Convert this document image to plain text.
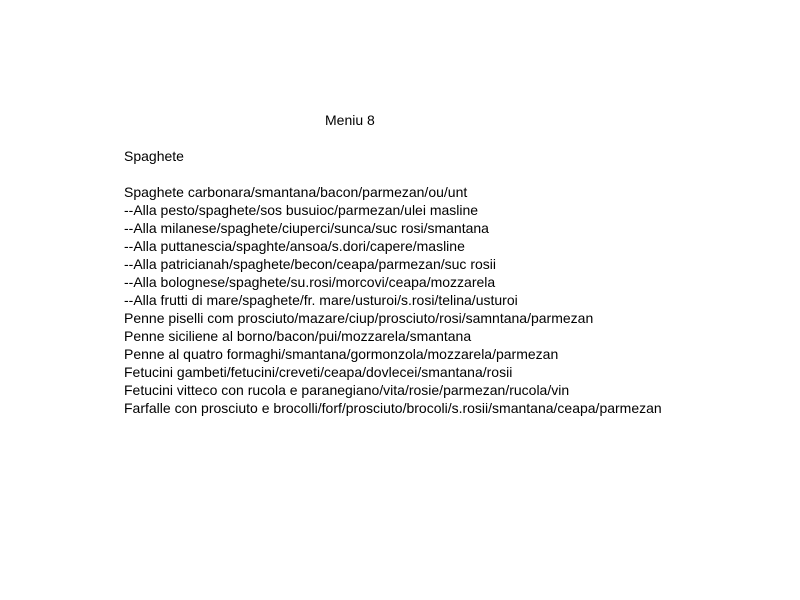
Meniu 8
Spaghete
Spaghete carbonara/smantana/bacon/parmezan/ou/unt
--Alla pesto/spaghete/sos busuioc/parmezan/ulei masline
--Alla milanese/spaghete/ciuperci/sunca/suc rosi/smantana
--Alla puttanescia/spaghte/ansoa/s.dori/capere/masline
--Alla patricianah/spaghete/becon/ceapa/parmezan/suc rosii
--Alla bolognese/spaghete/su.rosi/morcovi/ceapa/mozzarela
--Alla frutti di mare/spaghete/fr. mare/usturoi/s.rosi/telina/usturoi
Penne piselli com prosciuto/mazare/ciup/prosciuto/rosi/samntana/parmezan
Penne siciliene al borno/bacon/pui/mozzarela/smantana
Penne al quatro formaghi/smantana/gormonzola/mozzarela/parmezan
Fetucini gambeti/fetucini/creveti/ceapa/dovlecei/smantana/rosii
Fetucini vitteco con rucola e paranegiano/vita/rosie/parmezan/rucola/vin
Farfalle con prosciuto e brocolli/forf/prosciuto/brocoli/s.rosii/smantana/ceapa/parmezan
